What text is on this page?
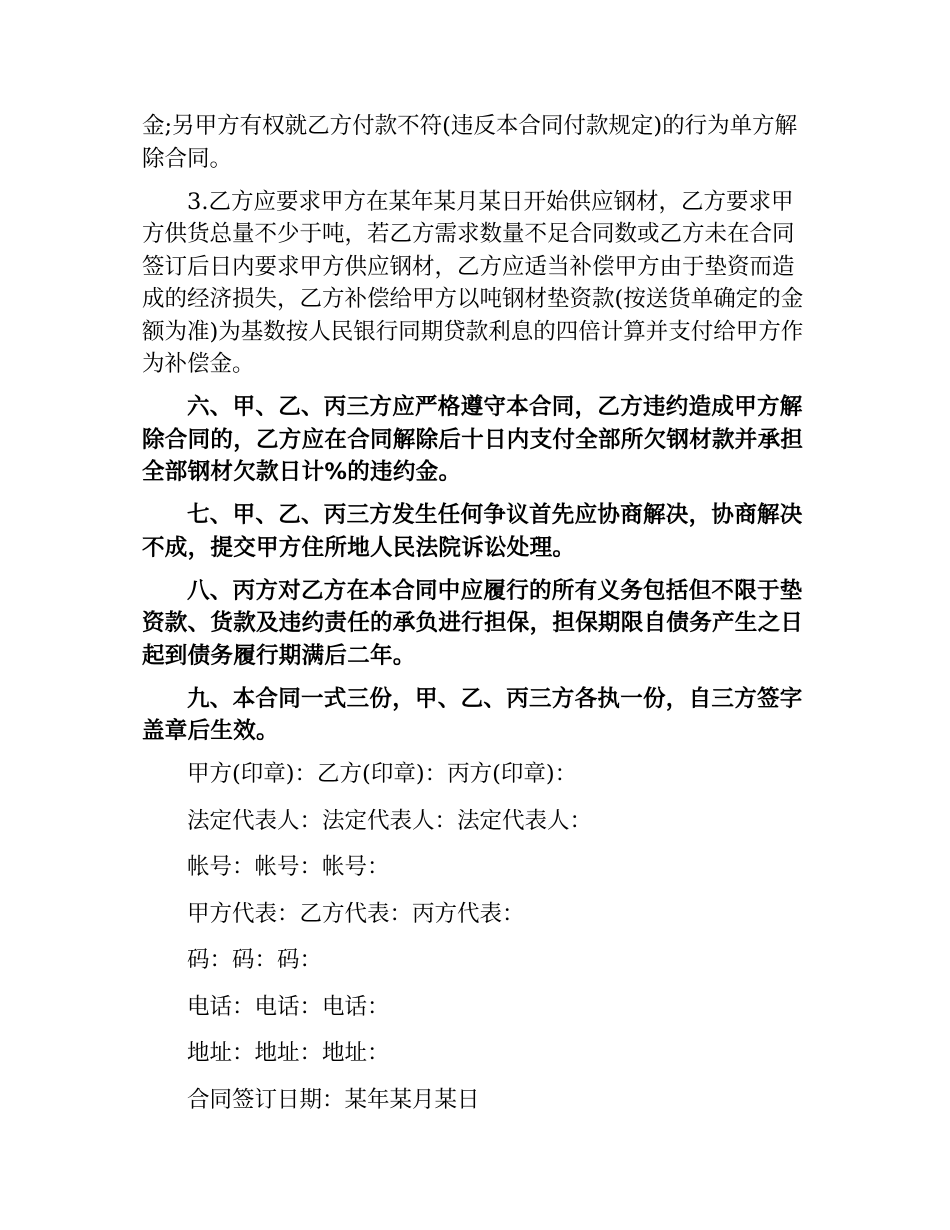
金;另甲方有权就乙方付款不符(违反本合同付款规定)的行为单方解除合同。

3.乙方应要求甲方在某年某月某日开始供应钢材，乙方要求甲方供货总量不少于吨，若乙方需求数量不足合同数或乙方未在合同签订后日内要求甲方供应钢材，乙方应适当补偿甲方由于垫资而造成的经济损失，乙方补偿给甲方以吨钢材垫资款(按送货单确定的金额为准)为基数按人民银行同期贷款利息的四倍计算并支付给甲方作为补偿金。

六、甲、乙、丙三方应严格遵守本合同，乙方违约造成甲方解除合同的，乙方应在合同解除后十日内支付全部所欠钢材款并承担全部钢材欠款日计%的违约金。

七、甲、乙、丙三方发生任何争议首先应协商解决，协商解决不成，提交甲方住所地人民法院诉讼处理。

八、丙方对乙方在本合同中应履行的所有义务包括但不限于垫资款、货款及违约责任的承负进行担保，担保期限自债务产生之日起到债务履行期满后二年。

九、本合同一式三份，甲、乙、丙三方各执一份，自三方签字盖章后生效。

甲方(印章)：乙方(印章)：丙方(印章)：

法定代表人：法定代表人：法定代表人：

帐号：帐号：帐号：

甲方代表：乙方代表：丙方代表：

码：码：码：

电话：电话：电话：

地址：地址：地址：

合同签订日期：某年某月某日
